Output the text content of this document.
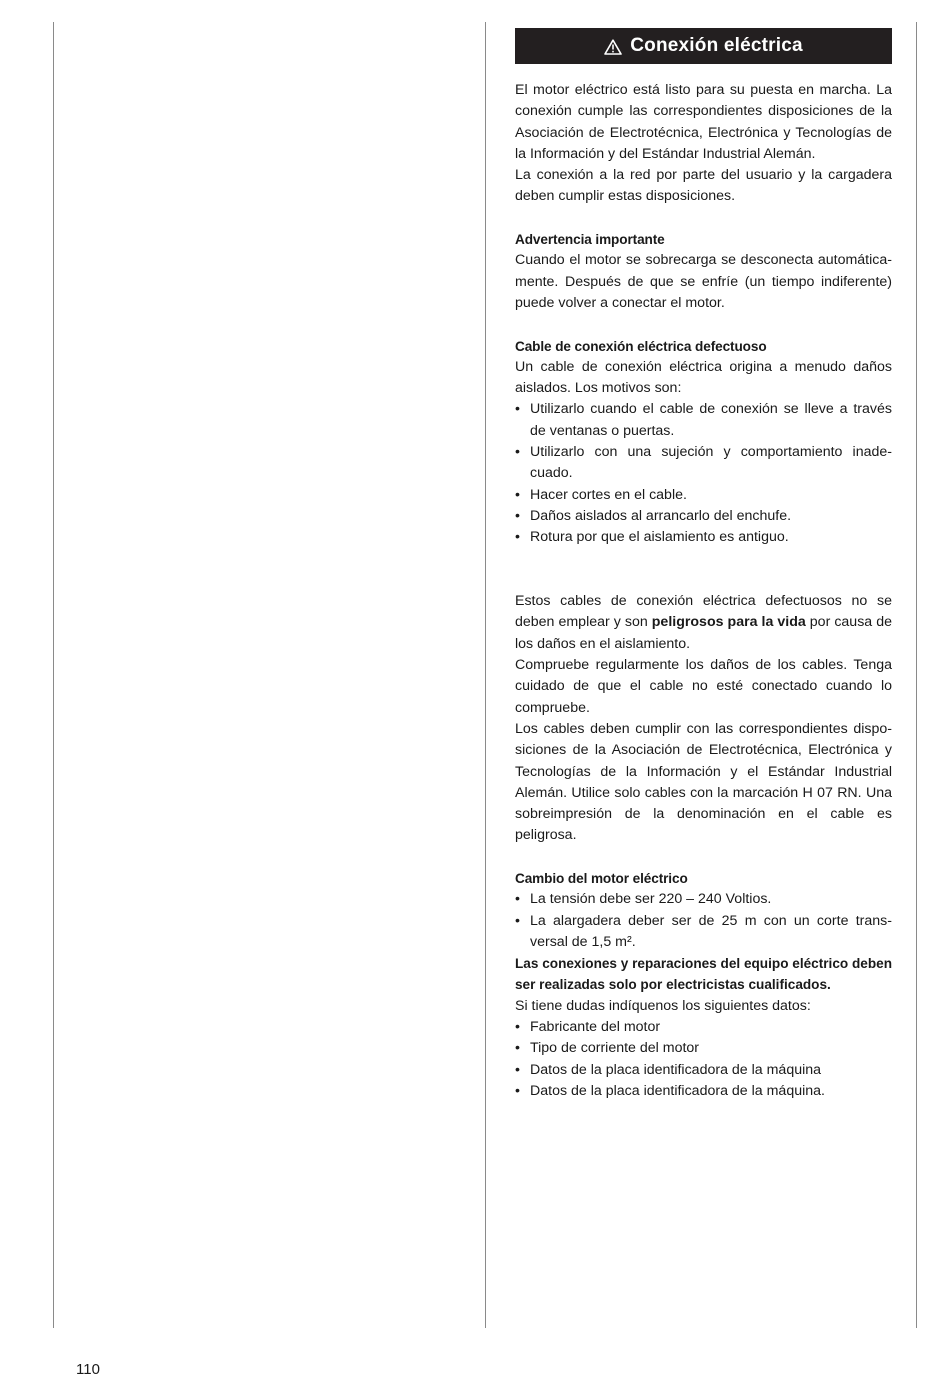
Conexión eléctrica

El motor eléctrico está listo para su puesta en marcha. La conexión cumple las correspondientes disposiciones de la Asociación de Electrotécnica, Electrónica y Tecnologías de la Información y del Estándar Industrial Alemán.

La conexión a la red por parte del usuario y la cargadera deben cumplir estas disposiciones.

Advertencia importante

Cuando el motor se sobrecarga se desconecta automática-mente. Después de que se enfríe (un tiempo indiferente) puede volver a conectar el motor.

Cable de conexión eléctrica defectuoso

Un cable de conexión eléctrica origina a menudo daños aislados. Los motivos son:

• Utilizarlo cuando el cable de conexión se lleve a través de ventanas o puertas.
• Utilizarlo con una sujeción y comportamiento inade-cuado.
• Hacer cortes en el cable.
• Daños aislados al arrancarlo del enchufe.
• Rotura por que el aislamiento es antiguo.

Estos cables de conexión eléctrica defectuosos no se deben emplear y son peligrosos para la vida por causa de los daños en el aislamiento.

Compruebe regularmente los daños de los cables. Tenga cuidado de que el cable no esté conectado cuando lo compruebe.

Los cables deben cumplir con las correspondientes dispo-siciones de la Asociación de Electrotécnica, Electrónica y Tecnologías de la Información y el Estándar Industrial Alemán. Utilice solo cables con la marcación H 07 RN. Una sobreimpresión de la denominación en el cable es peligrosa.

Cambio del motor eléctrico
• La tensión debe ser 220 – 240 Voltios.
• La alargadera deber ser de 25 m con un corte trans-versal de 1,5 m².

Las conexiones y reparaciones del equipo eléctrico deben ser realizadas solo por electricistas cualificados.

Si tiene dudas indíquenos los siguientes datos:

• Fabricante del motor
• Tipo de corriente del motor
• Datos de la placa identificadora de la máquina
• Datos de la placa identificadora de la máquina.
110
